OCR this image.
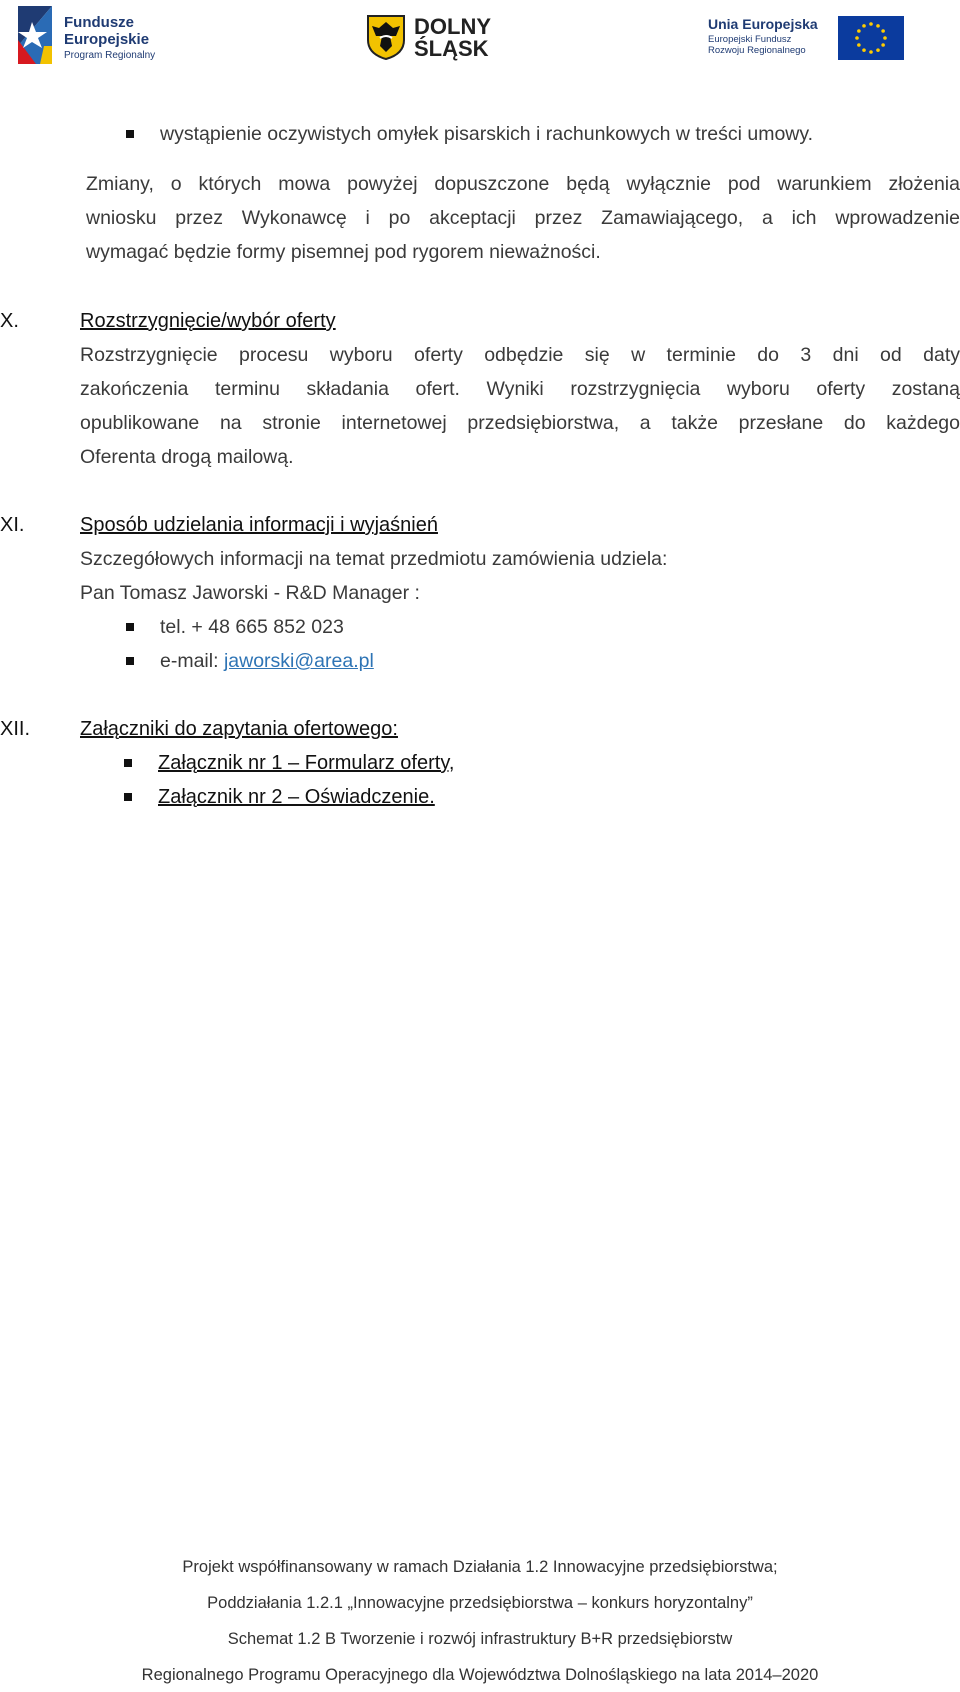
Fundusze
Europejskie
Program Regionalny
DOLNY
ŚLĄSK
Unia Europejska
Europejski Fundusz
Rozwoju Regionalnego
wystąpienie oczywistych omyłek pisarskich i rachunkowych w treści umowy.
Zmiany, o których mowa powyżej dopuszczone będą wyłącznie pod warunkiem złożenia
wniosku przez Wykonawcę i po akceptacji przez Zamawiającego, a ich wprowadzenie
wymagać będzie formy pisemnej pod rygorem nieważności.
X.	Rozstrzygnięcie/wybór oferty
Rozstrzygnięcie procesu wyboru oferty odbędzie się w terminie do 3 dni od daty
zakończenia terminu składania ofert. Wyniki rozstrzygnięcia wyboru oferty zostaną
opublikowane na stronie internetowej przedsiębiorstwa, a także przesłane do każdego
Oferenta drogą mailową.
XI.	Sposób udzielania informacji i wyjaśnień
Szczegółowych informacji na temat przedmiotu zamówienia udziela:
Pan Tomasz Jaworski - R&D Manager :
tel. + 48 665 852 023
e-mail: jaworski@area.pl
XII. Załączniki do zapytania ofertowego:
Załącznik nr 1 – Formularz oferty,
Załącznik nr 2 – Oświadczenie.
Projekt współfinansowany w ramach Działania 1.2 Innowacyjne przedsiębiorstwa;
Poddziałania 1.2.1 „Innowacyjne przedsiębiorstwa – konkurs horyzontalny”
Schemat 1.2 B Tworzenie i rozwój infrastruktury B+R przedsiębiorstw
Regionalnego Programu Operacyjnego dla Województwa Dolnośląskiego na lata 2014–2020
